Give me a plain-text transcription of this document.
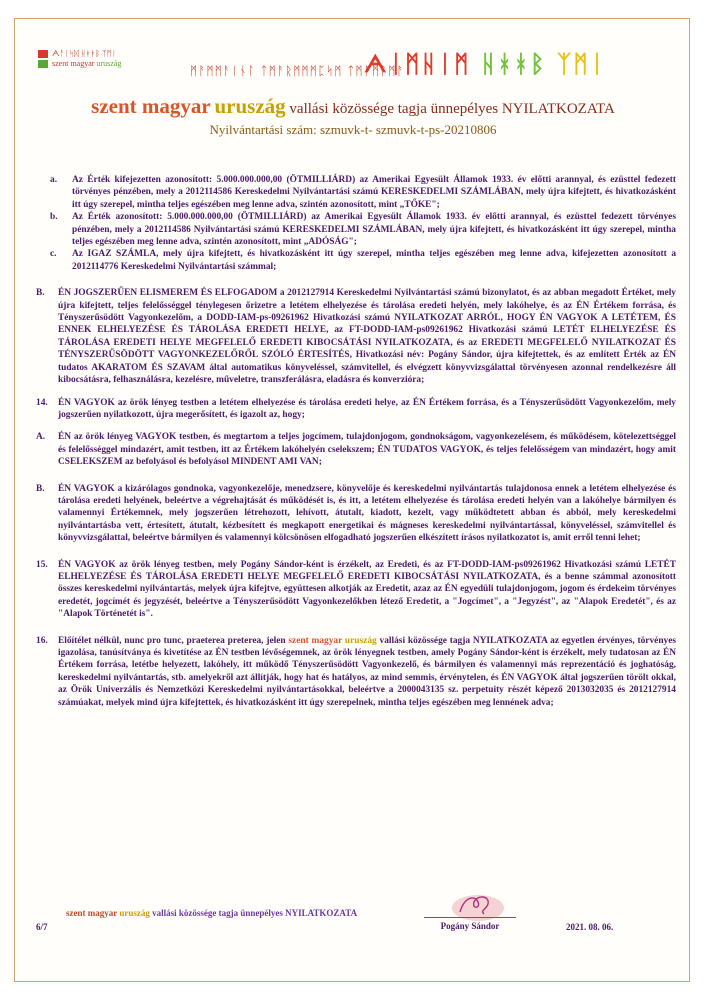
ᗅᚨᛁᛋᛞ ᚺᚼᚼᛒ ᛉᛗᛁ
szent magyar uruszág
ᛗᚨᛗᛗᚨᛁᚾᛚ ᛏᛗᚨᚱᛗᛗᛗᛈᛋᛗ ᛏᛗᚹᛗᚨᛗᚨ
ᗅᛁᛗᚺᛁᛗ ᚺᚼᚼᛒ ᛉᛗᛁ
szent magyar uruszág vallási közössége tagja ünnepélyes NYILATKOZATA
Nyilvántartási szám: szmuvk-t- szmuvk-t-ps-20210806
a. Az Érték kifejezetten azonosított: 5.000.000.000,00 (ÖTMILLIÁRD) az Amerikai Egyesült Államok 1933. év előtti arannyal, és ezüsttel fedezett törvényes pénzében, mely a 2012114586 Kereskedelmi Nyilvántartási számú KERESKEDELMI SZÁMLÁBAN, mely újra kifejtett, és hivatkozásként itt úgy szerepel, mintha teljes egészében meg lenne adva, szintén azonosított, mint „TŐKE";
b. Az Érték azonosított: 5.000.000.000,00 (ÖTMILLIÁRD) az Amerikai Egyesült Államok 1933. év előtti arannyal, és ezüsttel fedezett törvényes pénzében, mely a 2012114586 Nyilvántartási számú KERESKEDELMI SZÁMLÁBAN, mely újra kifejtett, és hivatkozásként itt úgy szerepel, mintha teljes egészében meg lenne adva, szintén azonosított, mint „ADÓSÁG";
c. Az IGAZ SZÁMLA, mely újra kifejtett, és hivatkozásként itt úgy szerepel, mintha teljes egészében meg lenne adva, kifejezetten azonosított a 2012114776 Kereskedelmi Nyilvántartási számmal;
B. ÉN JOGSZERŰEN ELISMEREM ÉS ELFOGADOM a 2012127914 Kereskedelmi Nyilvántartási számú bizonylatot, és az abban megadott Értéket, mely újra kifejtett, teljes felelősséggel ténylegesen őrizetre a letétem elhelyezése és tárolása eredeti helyén, mely lakóhelye, és az ÉN Értékem forrása, és Tényszerűsödött Vagyonkezelőm, a DODD-IAM-ps-09261962 Hivatkozási számú NYILATKOZAT ARRÓL, HOGY ÉN VAGYOK A LETÉTEM, ÉS ENNEK ELHELYEZÉSE ÉS TÁROLÁSA EREDETI HELYE, az FT-DODD-IAM-ps09261962 Hivatkozási számú LETÉT ELHELYEZÉSE ÉS TÁROLÁSA EREDETI HELYE MEGFELELŐ EREDETI KIBOCSÁTÁSI NYILATKOZATA, és az EREDETI MEGFELELŐ NYILATKOZAT ÉS TÉNYSZERŰSÖDÖTT VAGYONKEZELŐRŐL SZÓLÓ ÉRTESÍTÉS, Hivatkozási név: Pogány Sándor, újra kifejtettek, és az említett Érték az ÉN tudatos AKARATOM ÉS SZAVAM által automatikus könyveléssel, számvitellel, és elvégzett könyvvizsgálattal törvényesen azonnal rendelkezésre áll kibocsátásra, felhasználásra, kezelésre, műveletre, transzferálásra, eladásra és konverzióra;
14. ÉN VAGYOK az örök lényeg testben a letétem elhelyezése és tárolása eredeti helye, az ÉN Értékem forrása, és a Tényszerűsödött Vagyonkezelőm, mely jogszerűen nyilatkozott, újra megerősített, és igazolt az, hogy;
A. ÉN az örök lényeg VAGYOK testben, és megtartom a teljes jogcímem, tulajdonjogom, gondnokságom, vagyonkezelésem, és működésem, kötelezettséggel és felelősséggel mindazért, amit testben, itt az Értékem lakóhelyén cselekszem; ÉN TUDATOS VAGYOK, és teljes felelősségem van mindazért, hogy amit CSELEKSZEM az befolyásol és befolyásol MINDENT AMI VAN;
B. ÉN VAGYOK a kizárólagos gondnoka, vagyonkezelője, menedzsere, könyvelője és kereskedelmi nyilvántartás tulajdonosa ennek a letétem elhelyezése és tárolása eredeti helyének, beleértve a végrehajtását és működését is, és itt, a letétem elhelyezése és tárolása eredeti helyén van a lakóhelye bármilyen és valamennyi Értékemnek, mely jogszerűen létrehozott, lehívott, átutalt, kiadott, kezelt, vagy működtetett abban és abból, mely kereskedelmi nyilvántartásba vett, értesített, átutalt, kézbesített és megkapott energetikai és mágneses kereskedelmi nyilvántartással, könyveléssel, számvitellel és könyvvizsgálattal, beleértve bármilyen és valamennyi kölcsönösen elfogadható jogszerűen elkészített írásos nyilatkozatot is, amit erről tenni lehet;
15. ÉN VAGYOK az örök lényeg testben, mely Pogány Sándor-ként is érzékelt, az Eredeti, és az FT-DODD-IAM-ps09261962 Hivatkozási számú LETÉT ELHELYEZÉSE ÉS TÁROLÁSA EREDETI HELYE MEGFELELŐ EREDETI KIBOCSÁTÁSI NYILATKOZATA, és a benne számmal azonosított összes kereskedelmi nyilvántartás, melyek újra kifejtve, együttesen alkotják az Eredetit, azaz az ÉN egyedüli tulajdonjogom, jogom és érdekeim törvényes eredetét, jogcímét és jegyzését, beleértve a Tényszerűsödött Vagyonkezelőkben létező Eredetit, a "Jogcímet", a "Jegyzést", az "Alapok Eredetét", és az "Alapok Történetét is".
16. Előítélet nélkül, nunc pro tunc, praeterea preterea, jelen szent magyar uruszág vallási közössége tagja NYILATKOZATA az egyetlen érvényes, törvényes igazolása, tanúsítványa és kivetítése az ÉN testben lévőségemnek, az örök lényegnek testben, amely Pogány Sándor-ként is érzékelt, mely tudatosan az ÉN Értékem forrása, letétbe helyezett, lakóhely, itt működő Tényszerűsödött Vagyonkezelő, és bármilyen és valamennyi más reprezentáció és joghatóság, kereskedelmi nyilvántartás, stb. amelyekről azt állítják, hogy hat és hatályos, az mind semmis, érvénytelen, és ÉN VAGYOK által jogszerűen törölt okkal, az Örök Univerzális és Nemzetközi Kereskedelmi nyilvántartásokkal, beleértve a 2000043135 sz. perpetuity részét képező 2013032035 és 2012127914 számúakat, melyek mind újra kifejtettek, és hivatkozásként itt úgy szerepelnek, mintha teljes egészében meg lennének adva;
szent magyar uruszág vallási közössége tagja ünnepélyes NYILATKOZATA
6/7	Pogány Sándor	2021. 08. 06.
